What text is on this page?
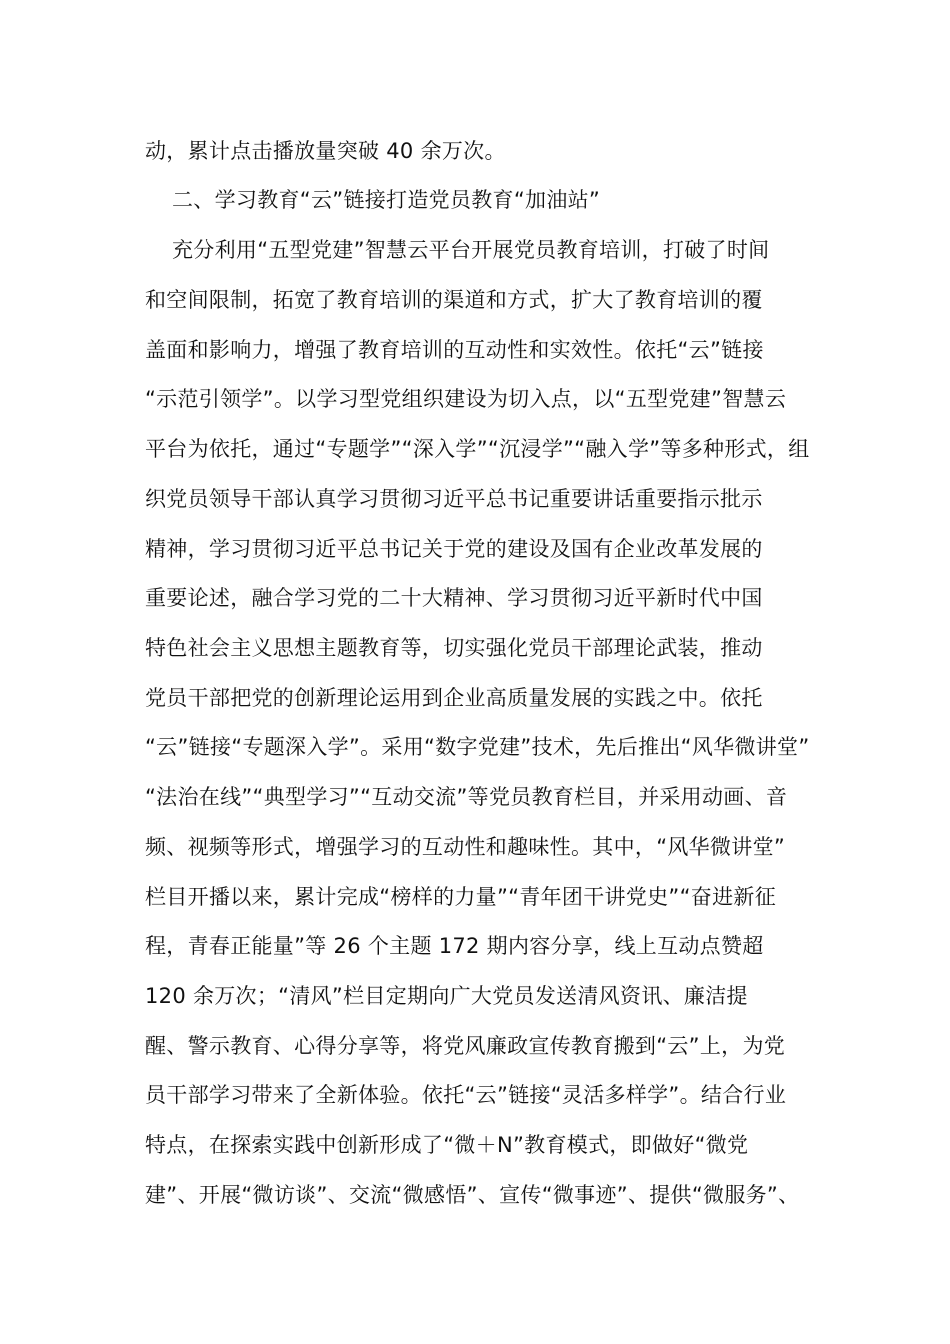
动，累计点击播放量突破 40 余万次。
二、学习教育“云”链接打造党员教育“加油站”
充分利用“五型党建”智慧云平台开展党员教育培训，打破了时间
和空间限制，拓宽了教育培训的渠道和方式，扩大了教育培训的覆
盖面和影响力，增强了教育培训的互动性和实效性。依托“云”链接
“示范引领学”。以学习型党组织建设为切入点，以“五型党建”智慧云
平台为依托，通过“专题学”“深入学”“沉浸学”“融入学”等多种形式，组
织党员领导干部认真学习贯彻习近平总书记重要讲话重要指示批示
精神，学习贯彻习近平总书记关于党的建设及国有企业改革发展的
重要论述，融合学习党的二十大精神、学习贯彻习近平新时代中国
特色社会主义思想主题教育等，切实强化党员干部理论武装，推动
党员干部把党的创新理论运用到企业高质量发展的实践之中。依托
“云”链接“专题深入学”。采用“数字党建”技术，先后推出“风华微讲堂”
“法治在线”“典型学习”“互动交流”等党员教育栏目，并采用动画、音
频、视频等形式，增强学习的互动性和趣味性。其中，“风华微讲堂”
栏目开播以来，累计完成“榜样的力量”“青年团干讲党史”“奋进新征
程，青春正能量”等 26 个主题 172 期内容分享，线上互动点赞超
120 余万次；“清风”栏目定期向广大党员发送清风资讯、廉洁提
醒、警示教育、心得分享等，将党风廉政宣传教育搬到“云”上，为党
员干部学习带来了全新体验。依托“云”链接“灵活多样学”。结合行业
特点，在探索实践中创新形成了“微＋N”教育模式，即做好“微党
建”、开展“微访谈”、交流“微感悟”、宣传“微事迹”、提供“微服务”、
